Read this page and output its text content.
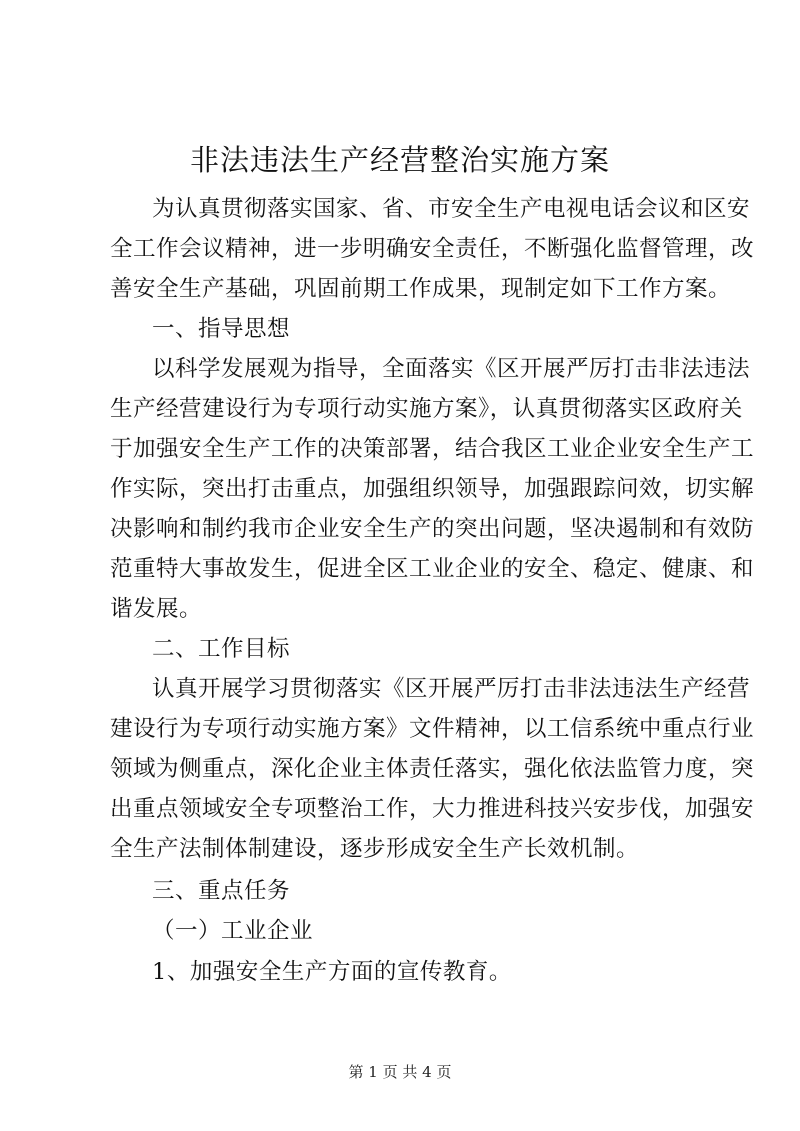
非法违法生产经营整治实施方案

为认真贯彻落实国家、省、市安全生产电视电话会议和区安

全工作会议精神，进一步明确安全责任，不断强化监督管理，改

善安全生产基础，巩固前期工作成果，现制定如下工作方案。

一、指导思想

以科学发展观为指导，全面落实《区开展严厉打击非法违法

生产经营建设行为专项行动实施方案》，认真贯彻落实区政府关

于加强安全生产工作的决策部署，结合我区工业企业安全生产工

作实际，突出打击重点，加强组织领导，加强跟踪问效，切实解

决影响和制约我市企业安全生产的突出问题，坚决遏制和有效防

范重特大事故发生，促进全区工业企业的安全、稳定、健康、和

谐发展。

二、工作目标

认真开展学习贯彻落实《区开展严厉打击非法违法生产经营

建设行为专项行动实施方案》文件精神，以工信系统中重点行业

领域为侧重点，深化企业主体责任落实，强化依法监管力度，突

出重点领域安全专项整治工作，大力推进科技兴安步伐，加强安

全生产法制体制建设，逐步形成安全生产长效机制。

三、重点任务

（一）工业企业

1、加强安全生产方面的宣传教育。

第 1 页 共 4 页
